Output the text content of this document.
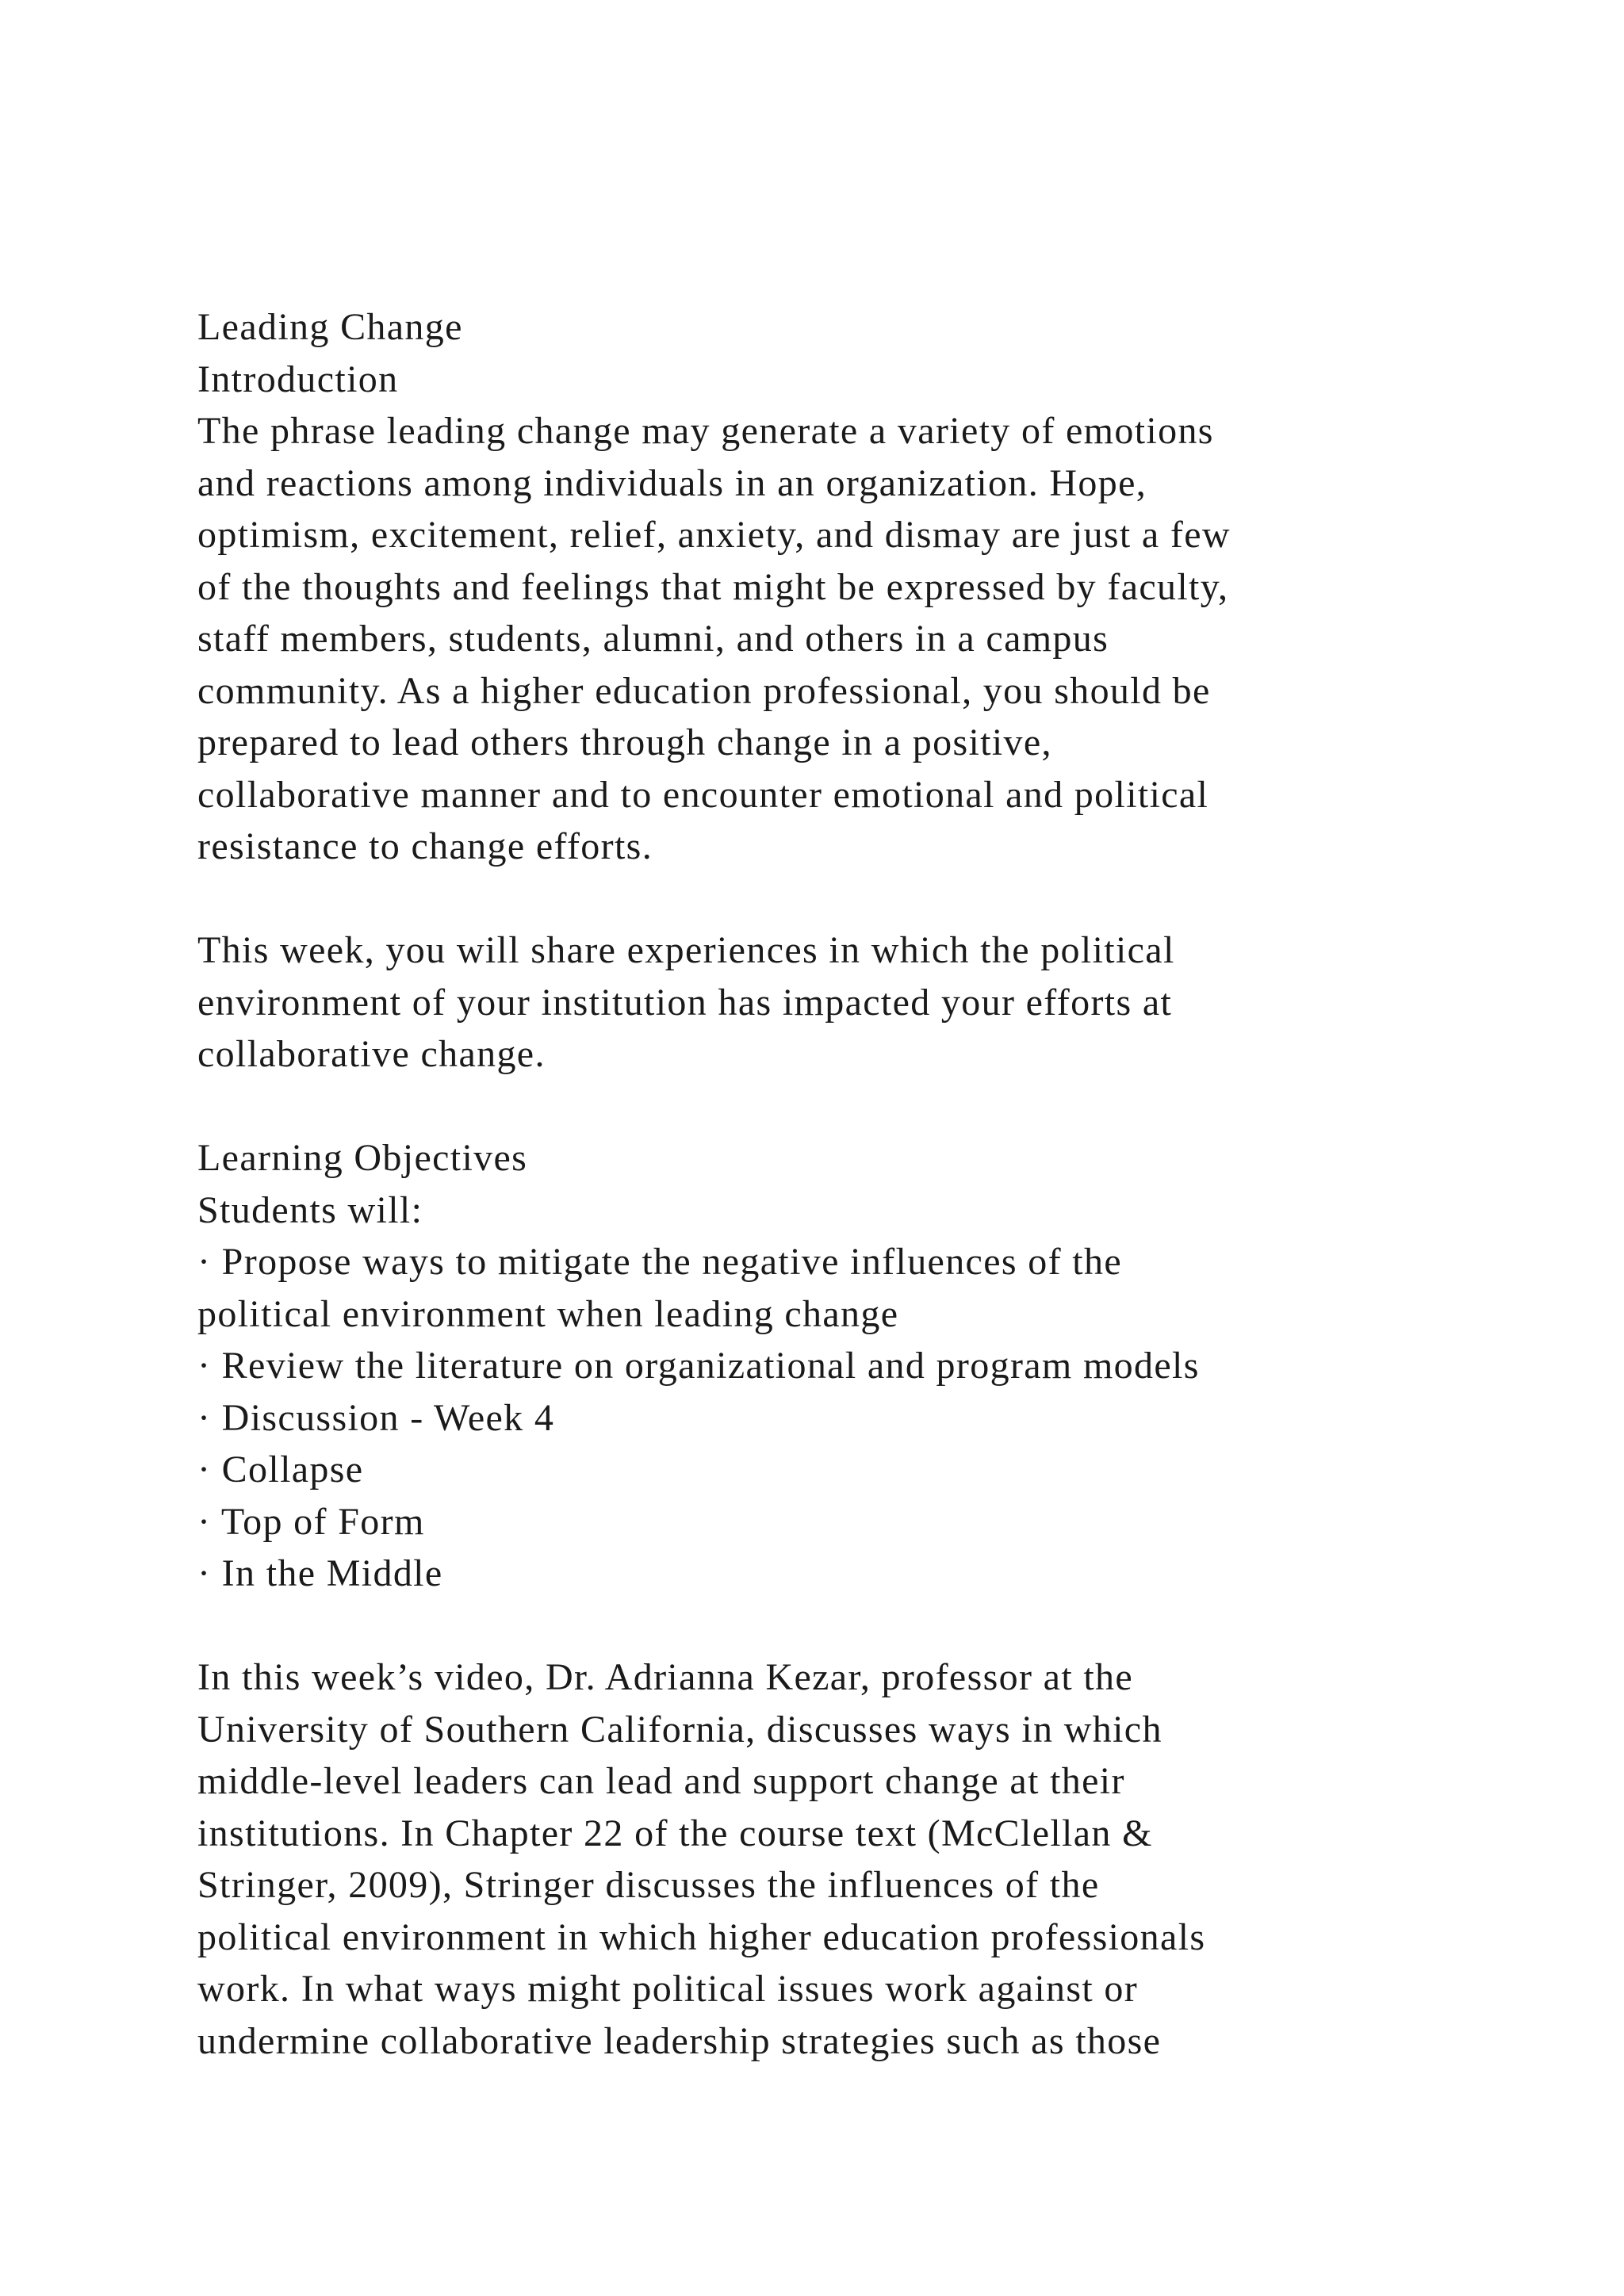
Leading Change
Introduction
The phrase leading change may generate a variety of emotions
and reactions among individuals in an organization. Hope,
optimism, excitement, relief, anxiety, and dismay are just a few
of the thoughts and feelings that might be expressed by faculty,
staff members, students, alumni, and others in a campus
community. As a higher education professional, you should be
prepared to lead others through change in a positive,
collaborative manner and to encounter emotional and political
resistance to change efforts.
This week, you will share experiences in which the political
environment of your institution has impacted your efforts at
collaborative change.
Learning Objectives
Students will:
· Propose ways to mitigate the negative influences of the
political environment when leading change
· Review the literature on organizational and program models
· Discussion - Week 4
· Collapse
· Top of Form
· In the Middle
In this week’s video, Dr. Adrianna Kezar, professor at the
University of Southern California, discusses ways in which
middle-level leaders can lead and support change at their
institutions. In Chapter 22 of the course text (McClellan &
Stringer, 2009), Stringer discusses the influences of the
political environment in which higher education professionals
work. In what ways might political issues work against or
undermine collaborative leadership strategies such as those
